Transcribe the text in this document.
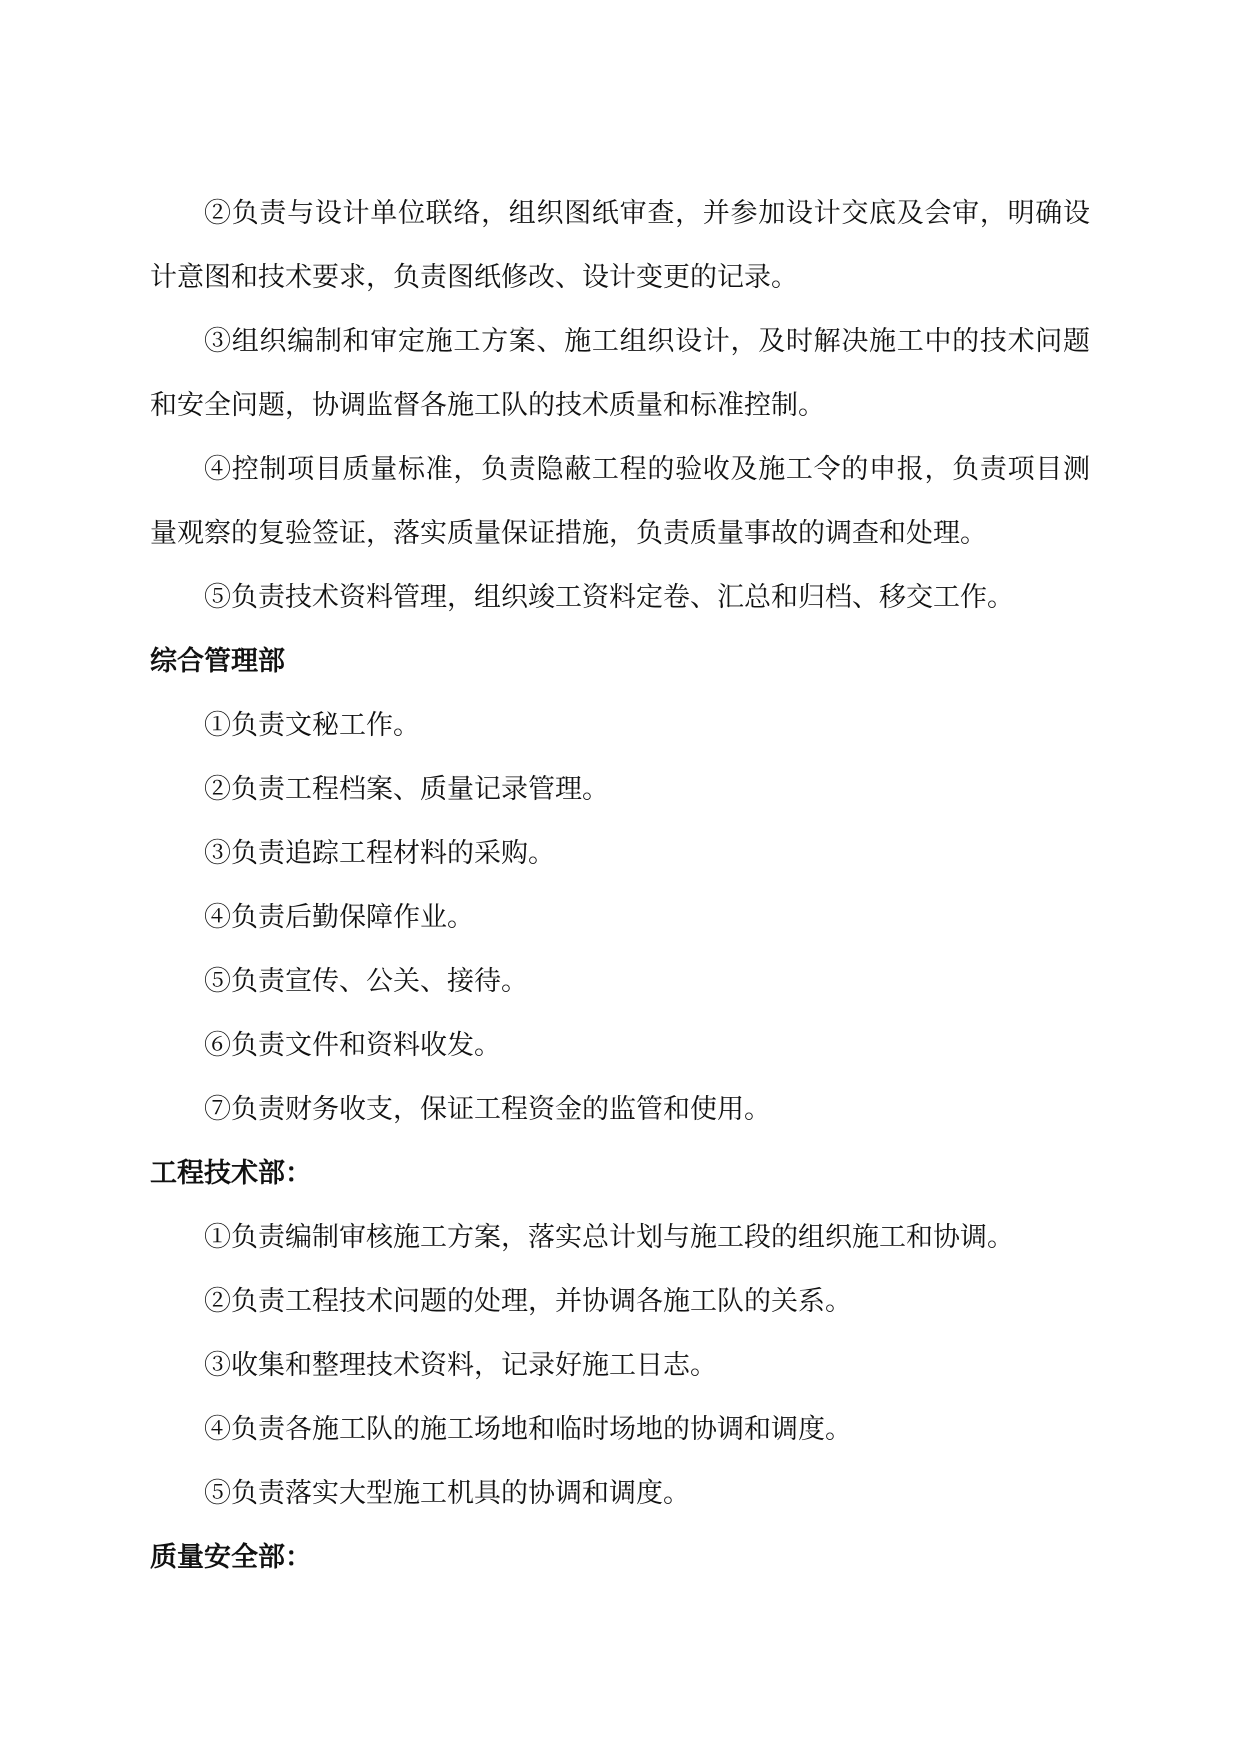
②负责与设计单位联络，组织图纸审查，并参加设计交底及会审，明确设计意图和技术要求，负责图纸修改、设计变更的记录。

③组织编制和审定施工方案、施工组织设计，及时解决施工中的技术问题和安全问题，协调监督各施工队的技术质量和标准控制。

④控制项目质量标准，负责隐蔽工程的验收及施工令的申报，负责项目测量观察的复验签证，落实质量保证措施，负责质量事故的调查和处理。

⑤负责技术资料管理，组织竣工资料定卷、汇总和归档、移交工作。

综合管理部

①负责文秘工作。

②负责工程档案、质量记录管理。

③负责追踪工程材料的采购。

④负责后勤保障作业。

⑤负责宣传、公关、接待。

⑥负责文件和资料收发。

⑦负责财务收支，保证工程资金的监管和使用。

工程技术部：

①负责编制审核施工方案，落实总计划与施工段的组织施工和协调。

②负责工程技术问题的处理，并协调各施工队的关系。

③收集和整理技术资料，记录好施工日志。

④负责各施工队的施工场地和临时场地的协调和调度。

⑤负责落实大型施工机具的协调和调度。

质量安全部：
